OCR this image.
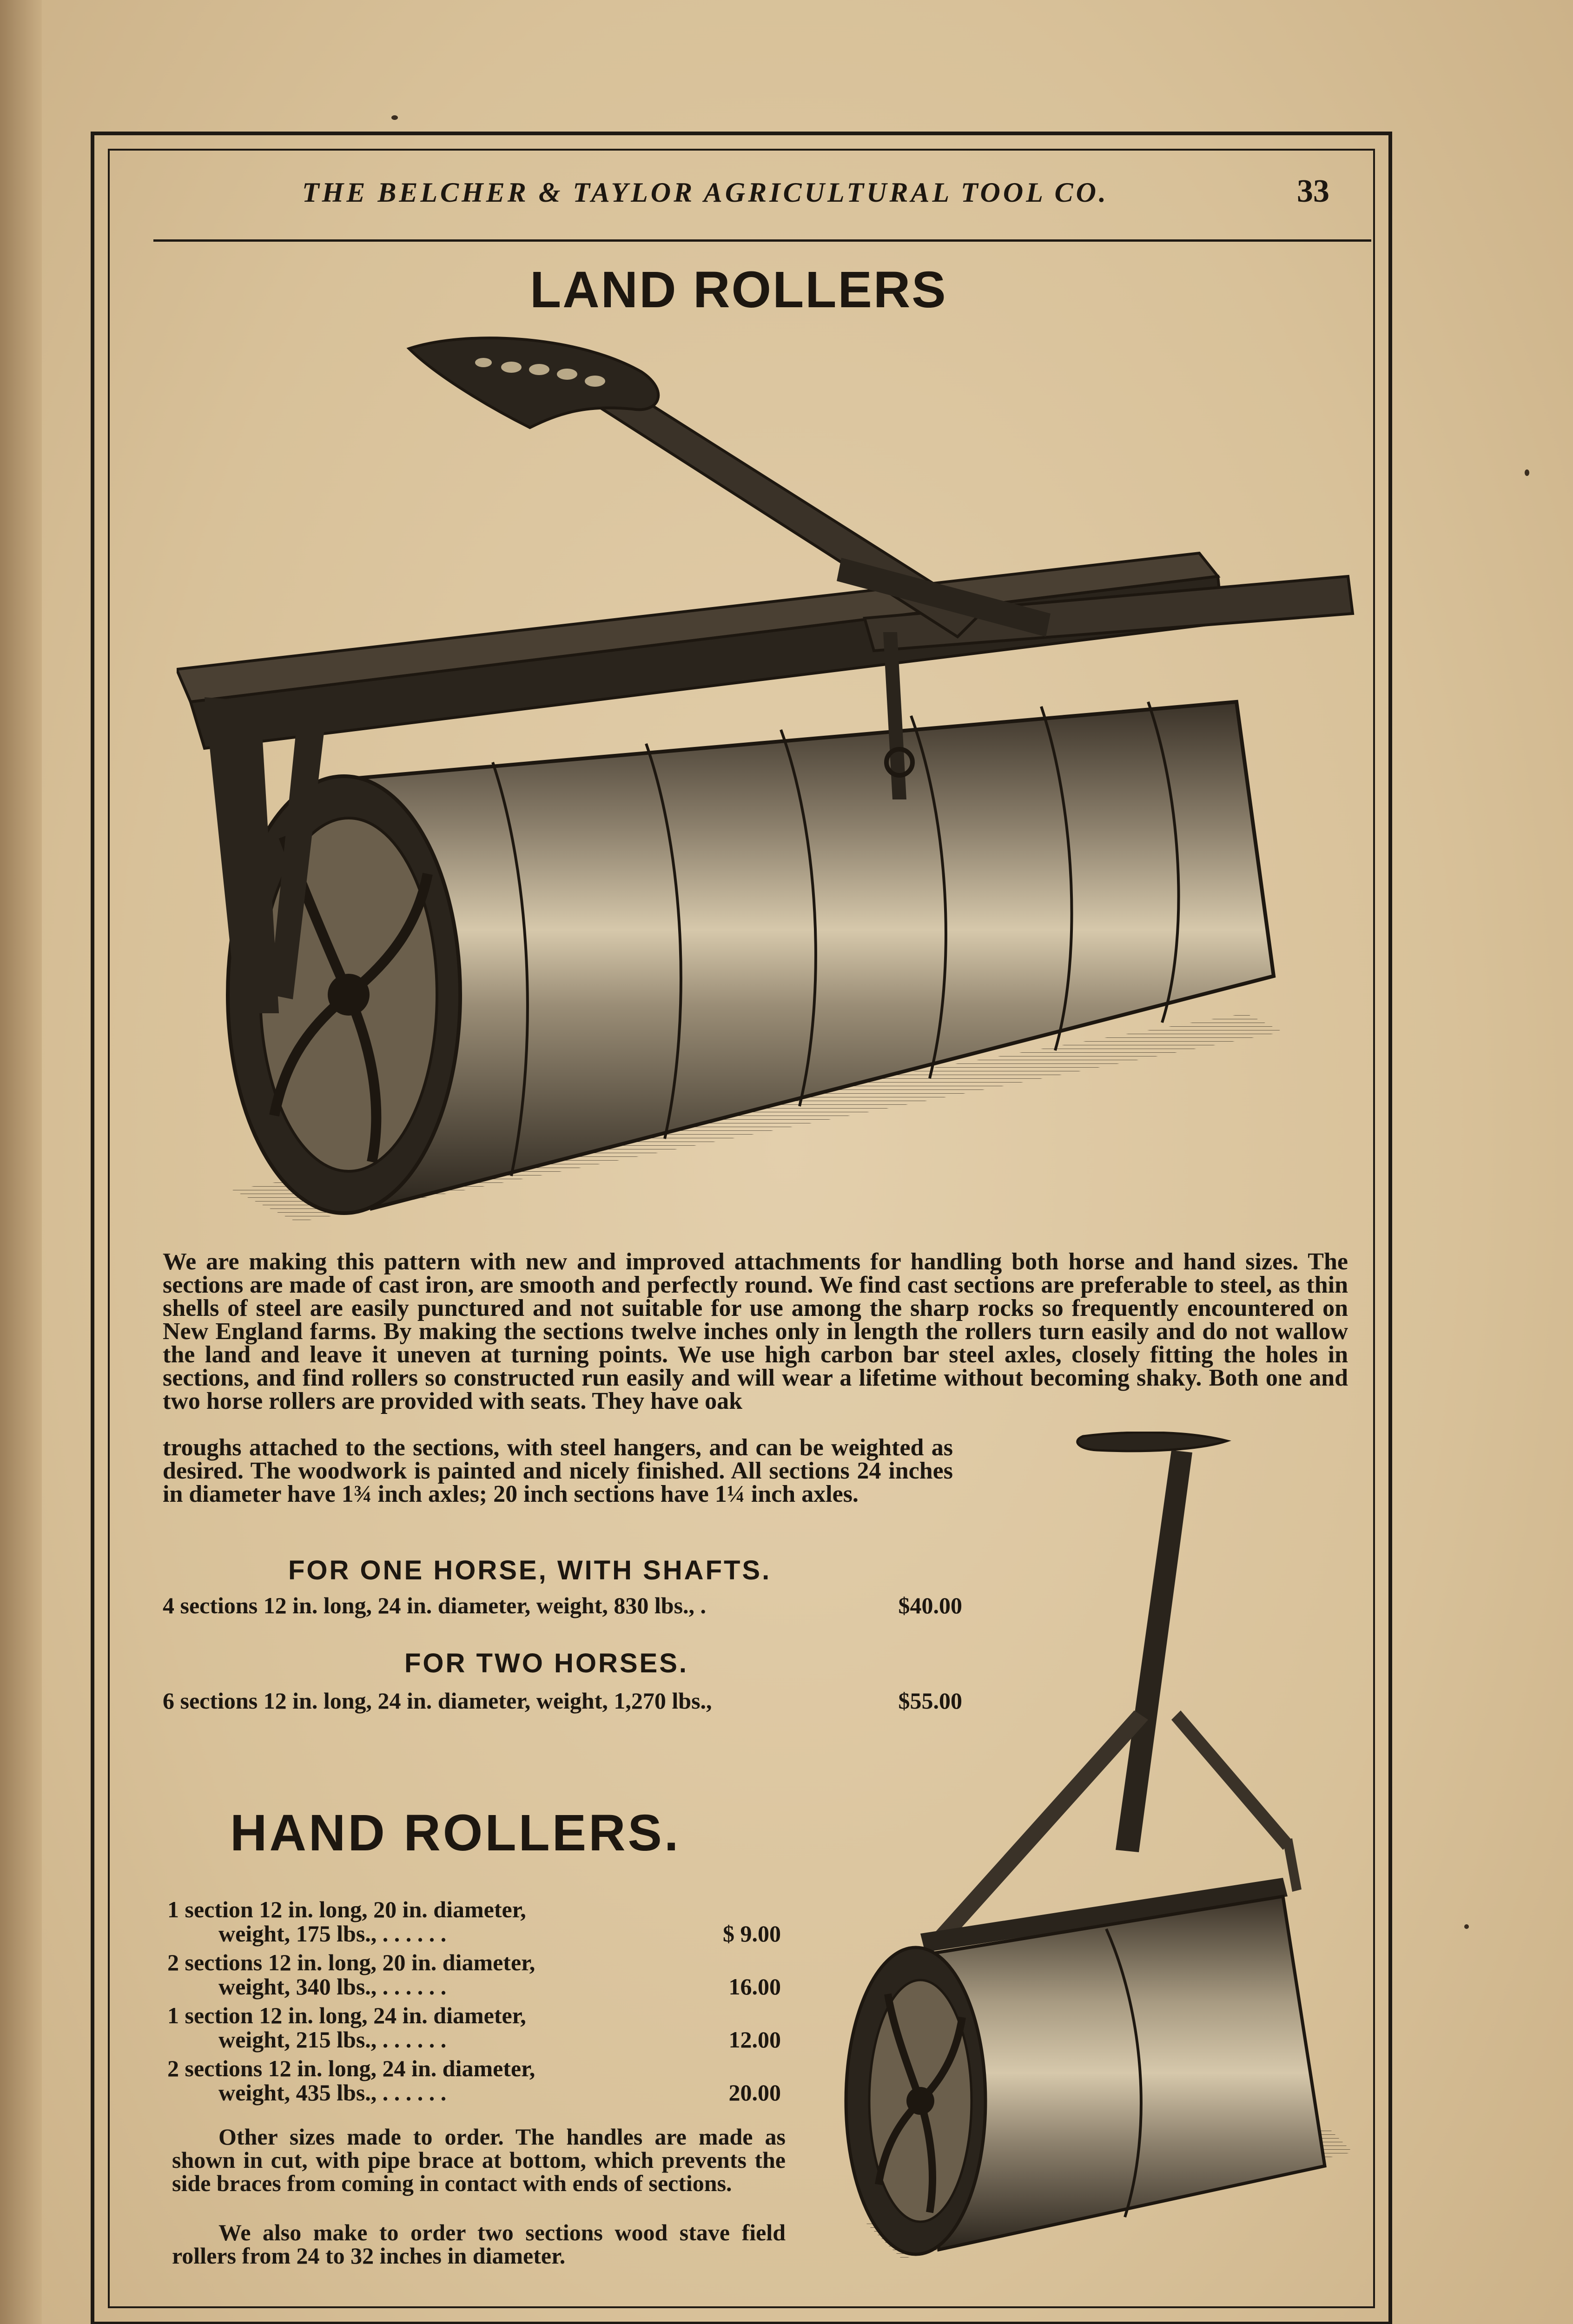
THE BELCHER & TAYLOR AGRICULTURAL TOOL CO.	33
LAND ROLLERS
We are making this pattern with new and improved attachments for handling both horse and hand sizes. The sections are made of cast iron, are smooth and perfectly round. We find cast sections are preferable to steel, as thin shells of steel are easily punctured and not suitable for use among the sharp rocks so frequently encountered on New England farms. By making the sections twelve inches only in length the rollers turn easily and do not wallow the land and leave it uneven at turning points. We use high carbon bar steel axles, closely fitting the holes in sections, and find rollers so constructed run easily and will wear a lifetime without becoming shaky. Both one and two horse rollers are provided with seats. They have oak
troughs attached to the sections, with steel hangers, and can be weighted as desired. The woodwork is painted and nicely finished. All sections 24 inches in diameter have 1¾ inch axles; 20 inch sections have 1¼ inch axles.
FOR ONE HORSE, WITH SHAFTS.
4 sections 12 in. long, 24 in. diameter, weight, 830 lbs., .	$40.00
FOR TWO HORSES.
6 sections 12 in. long, 24 in. diameter, weight, 1,270 lbs.,	$55.00
HAND ROLLERS.
1 section 12 in. long, 20 in. diameter,
weight, 175 lbs., . . . . . .	$ 9.00
2 sections 12 in. long, 20 in. diameter,
weight, 340 lbs., . . . . . .	16.00
1 section 12 in. long, 24 in. diameter,
weight, 215 lbs., . . . . . .	12.00
2 sections 12 in. long, 24 in. diameter,
weight, 435 lbs., . . . . . .	20.00
Other sizes made to order. The handles are made as shown in cut, with pipe brace at bottom, which prevents the side braces from coming in contact with ends of sections.
We also make to order two sections wood stave field rollers from 24 to 32 inches in diameter.
